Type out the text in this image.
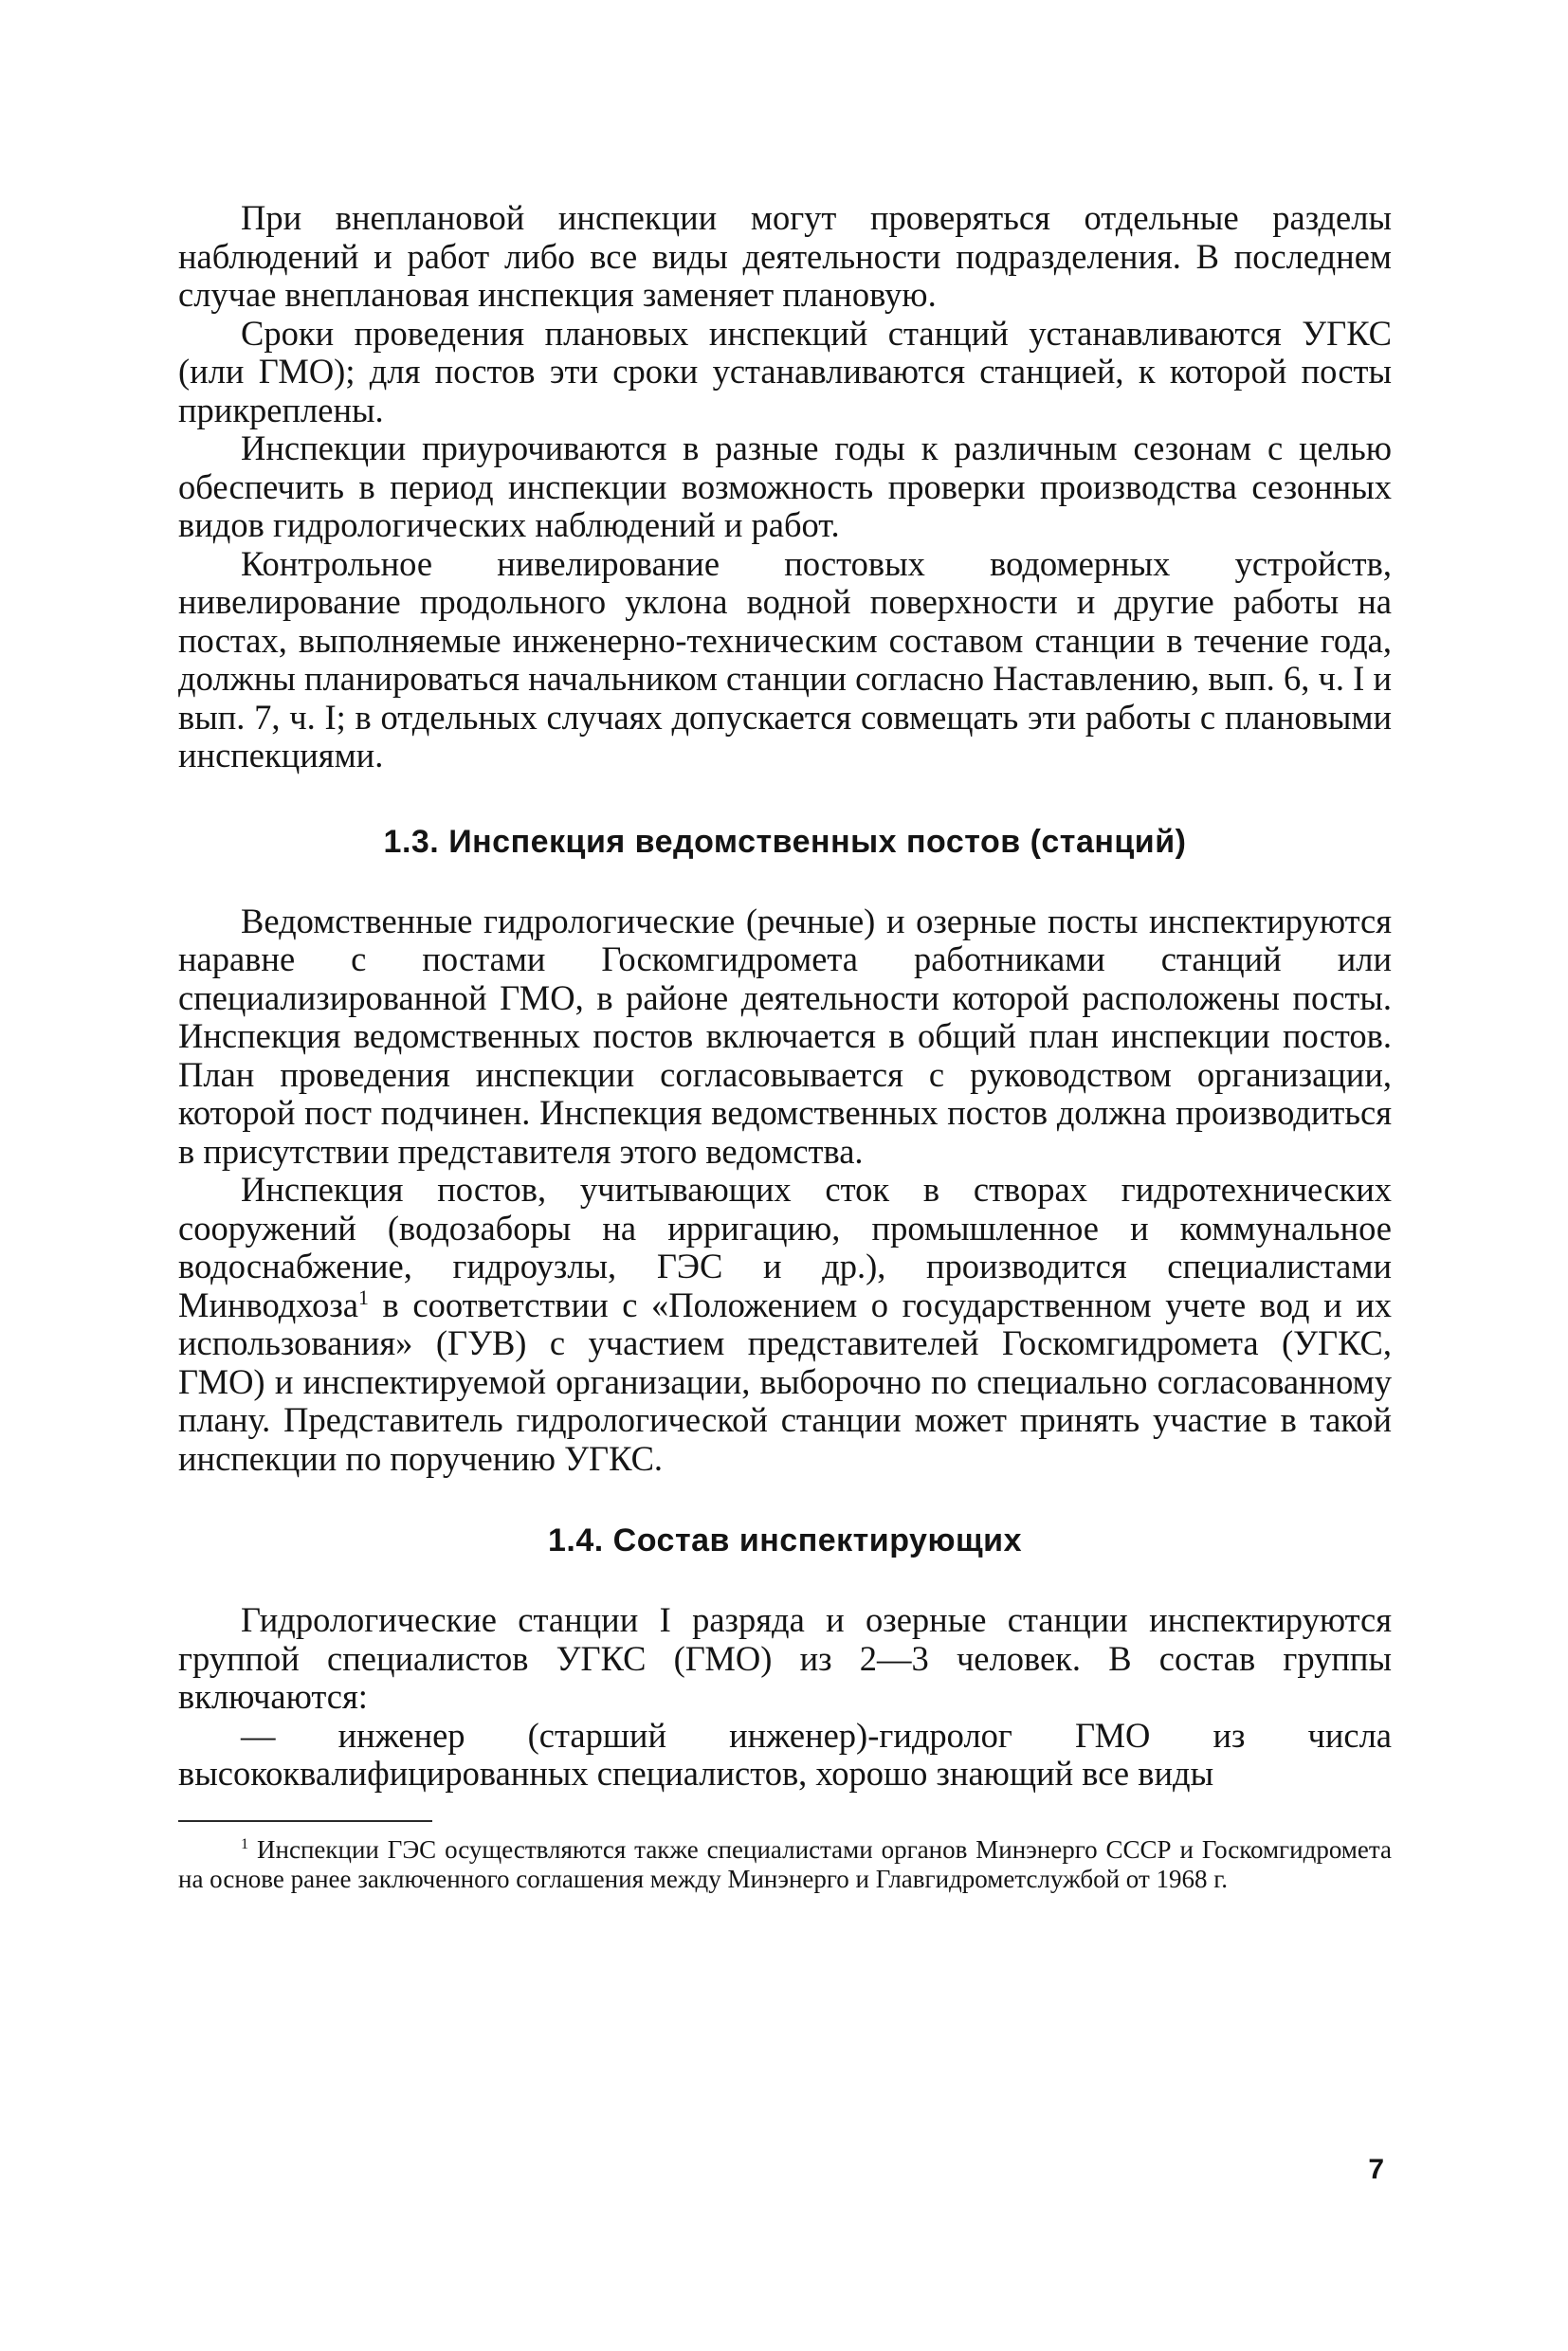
При внеплановой инспекции могут проверяться отдельные разделы наблюдений и работ либо все виды деятельности подразделения. В последнем случае внеплановая инспекция заменяет плановую.

Сроки проведения плановых инспекций станций устанавливаются УГКС (или ГМО); для постов эти сроки устанавливаются станцией, к которой посты прикреплены.

Инспекции приурочиваются в разные годы к различным сезонам с целью обеспечить в период инспекции возможность проверки производства сезонных видов гидрологических наблюдений и работ.

Контрольное нивелирование постовых водомерных устройств, нивелирование продольного уклона водной поверхности и другие работы на постах, выполняемые инженерно-техническим составом станции в течение года, должны планироваться начальником станции согласно Наставлению, вып. 6, ч. I и вып. 7, ч. I; в отдельных случаях допускается совмещать эти работы с плановыми инспекциями.

1.3. Инспекция ведомственных постов (станций)

Ведомственные гидрологические (речные) и озерные посты инспектируются наравне с постами Госкомгидромета работниками станций или специализированной ГМО, в районе деятельности которой расположены посты. Инспекция ведомственных постов включается в общий план инспекции постов. План проведения инспекции согласовывается с руководством организации, которой пост подчинен. Инспекция ведомственных постов должна производиться в присутствии представителя этого ведомства.

Инспекция постов, учитывающих сток в створах гидротехнических сооружений (водозаборы на ирригацию, промышленное и коммунальное водоснабжение, гидроузлы, ГЭС и др.), производится специалистами Минводхоза$^1$ в соответствии с «Положением о государственном учете вод и их использования» (ГУВ) с участием представителей Госкомгидромета (УГКС, ГМО) и инспектируемой организации, выборочно по специально согласованному плану. Представитель гидрологической станции может принять участие в такой инспекции по поручению УГКС.

1.4. Состав инспектирующих

Гидрологические станции I разряда и озерные станции инспектируются группой специалистов УГКС (ГМО) из 2—3 человек. В состав группы включаются:

— инженер (старший инженер)-гидролог ГМО из числа высококвалифицированных специалистов, хорошо знающий все виды

$^1$ Инспекции ГЭС осуществляются также специалистами органов Минэнерго СССР и Госкомгидромета на основе ранее заключенного соглашения между Минэнерго и Главгидрометслужбой от 1968 г.
7
